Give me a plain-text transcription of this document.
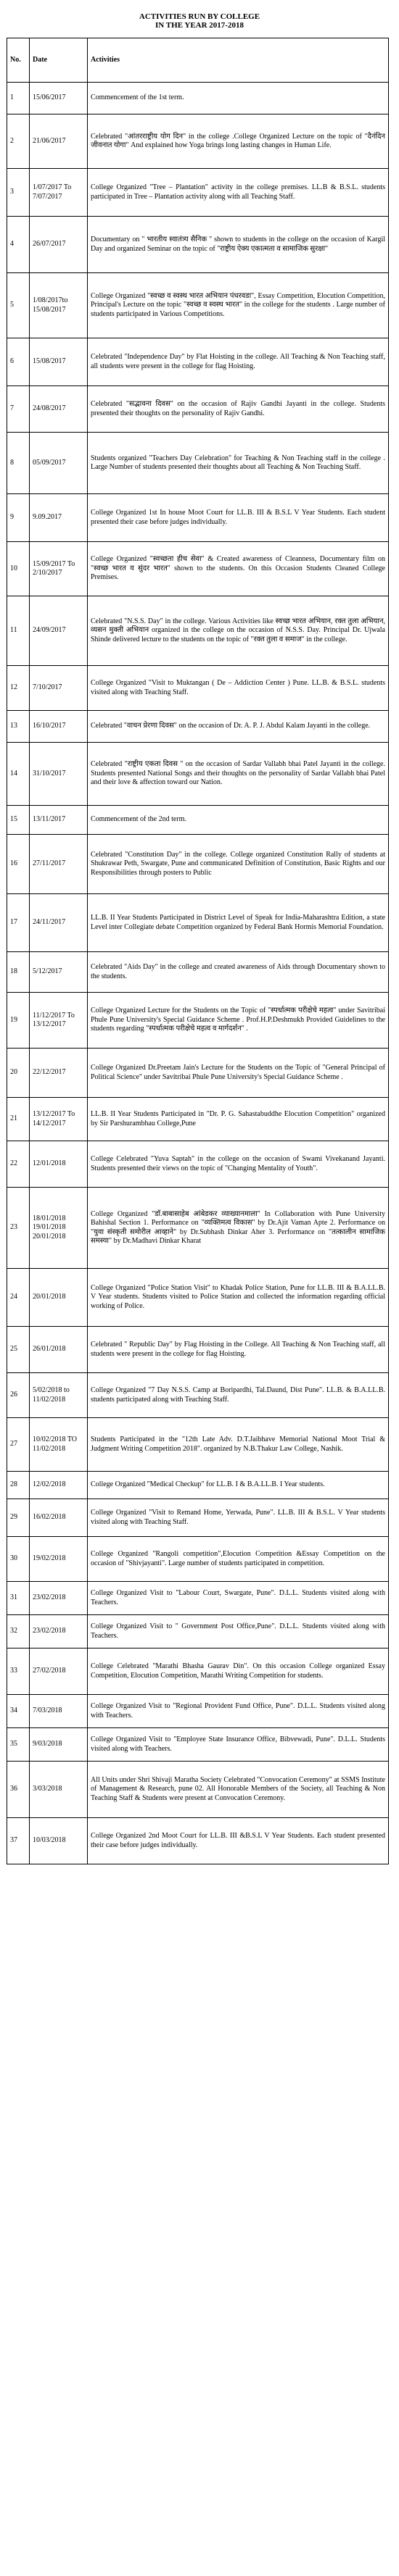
ACTIVITIES RUN BY COLLEGE
IN THE YEAR 2017-2018
No.	Date	Activities
1	15/06/2017	Commencement of the 1st term.
2	21/06/2017	Celebrated "आंतरराष्ट्रीय योग दिन" in the college .College Organized Lecture on the topic of "दैनंदिन जीवनात योगा" And explained how Yoga brings long lasting changes in Human Life.
3	1/07/2017 To 7/07/2017	College Organized "Tree – Plantation" activity in the college premises. LL.B & B.S.L. students participated in Tree – Plantation activity along with all Teaching Staff.
4	26/07/2017	Documentary on " भारतीय स्वातंत्र्य सैनिक " shown to students in the college on the occasion of Kargil Day and organized Seminar on the topic of "राष्ट्रीय ऐक्य एकात्मता व सामाजिक सुरक्षा"
5	1/08/2017to 15/08/2017	College Organized "स्वच्छ व स्वस्थ भारत अभियान पंधरवडा", Essay Competition, Elocution Competition, Principal's Lecture on the topic "स्वच्छ व स्वस्थ भारत" in the college for the students . Large number of students participated in Various Competitions.
6	15/08/2017	Celebrated "Independence Day" by Flat Hoisting in the college. All Teaching & Non Teaching staff, all students were present in the college for flag Hoisting.
7	24/08/2017	Celebrated "सद्भावना दिवस" on the occasion of Rajiv Gandhi Jayanti in the college. Students presented their thoughts on the personality of Rajiv Gandhi.
8	05/09/2017	Students organized "Teachers Day Celebration" for Teaching & Non Teaching staff in the college . Large Number of students presented their thoughts about all Teaching & Non Teaching Staff.
9	9.09.2017	College Organized 1st In house Moot Court for LL.B. III & B.S.L V Year Students. Each student presented their case before judges individually.
10	15/09/2017 To 2/10/2017	College Organized "स्वच्छता हीच सेवा" & Created awareness of Cleanness, Documentary film on "स्वच्छ भारत व सुंदर भारत" shown to the students. On this Occasion Students Cleaned College Premises.
11	24/09/2017	Celebrated "N.S.S. Day" in the college. Various Activities like स्वच्छ भारत अभियान, रक्त तुला अभियान, व्यसन मुक्ती अभियान organized in the college on the occasion of N.S.S. Day. Principal Dr. Ujwala Shinde delivered lecture to the students on the topic of "रक्त तुला व समाज" in the college.
12	7/10/2017	College Organized "Visit to Muktangan ( De – Addiction Center ) Pune. LL.B. & B.S.L. students visited along with Teaching Staff.
13	16/10/2017	Celebrated "वाचन प्रेरणा दिवस" on the occasion of Dr. A. P. J. Abdul Kalam Jayanti in the college.
14	31/10/2017	Celebrated "राष्ट्रीय एकता दिवस " on the occasion of Sardar Vallabh bhai Patel Jayanti in the college. Students presented National Songs and their thoughts on the personality of Sardar Vallabh bhai Patel and their love & affection toward our Nation.
15	13/11/2017	Commencement of the 2nd term.
16	27/11/2017	Celebrated "Constitution Day" in the college. College organized Constitution Rally of students at Shukrawar Peth, Swargate, Pune and communicated Definition of Constitution, Basic Rights and our Responsibilities through posters to Public
17	24/11/2017	LL.B. II Year Students Participated in District Level of Speak for India-Maharashtra Edition, a state Level inter Collegiate debate Competition organized by Federal Bank Hormis Memorial Foundation.
18	5/12/2017	Celebrated "Aids Day" in the college and created awareness of Aids through Documentary shown to the students.
19	11/12/2017 To 13/12/2017	College Organized Lecture for the Students on the Topic of "स्पर्धात्मक परीक्षेचे महत्व" under Savitribai Phule Pune University's Special Guidance Scheme . Prof.H.P.Deshmukh Provided Guidelines to the students regarding "स्पर्धात्मक परीक्षेचे महत्व व मार्गदर्शन" .
20	22/12/2017	College Organized Dr.Preetam Jain's Lecture for the Students on the Topic of "General Principal of Political Science" under Savitribai Phule Pune University's Special Guidance Scheme .
21	13/12/2017 To 14/12/2017	LL.B. II Year Students Participated in "Dr. P. G. Sahastabuddhe Elocution Competition" organized by Sir Parshurambhau College,Pune
22	12/01/2018	College Celebrated "Yuva Saptah" in the college on the occasion of Swami Vivekanand Jayanti. Students presented their views on the topic of "Changing Mentality of Youth".
23	18/01/2018 19/01/2018 20/01/2018	College Organized "डॉ.बाबासाहेब आंबेडकर व्याख्यानमाला" In Collaboration with Pune University Bahishal Section 1. Performance on "व्यक्तिमत्व विकास" by Dr.Ajit Vaman Apte 2. Performance on "युवा संस्कृती समोरील आव्हाने" by Dr.Subhash Dinkar Aher 3. Performance on "तत्कालीन सामाजिक समस्या" by Dr.Madhavi Dinkar Kharat
24	20/01/2018	College Organized "Police Station Visit" to Khadak Police Station, Pune for LL.B. III & B.A.LL.B. V Year students. Students visited to Police Station and collected the information regarding official working of Police.
25	26/01/2018	Celebrated " Republic Day" by Flag Hoisting in the College. All Teaching & Non Teaching staff, all students were present in the college for flag Hoisting.
26	5/02/2018 to 11/02/2018	College Organized "7 Day N.S.S. Camp at Boripardhi, Tal.Daund, Dist Pune". LL.B. & B.A.LL.B. students participated along with Teaching Staff.
27	10/02/2018 TO 11/02/2018	Students Participated in the "12th Late Adv. D.T.Jaibhave Memorial National Moot Trial & Judgment Writing Competition 2018". organized by N.B.Thakur Law College, Nashik.
28	12/02/2018	College Organized "Medical Checkup" for LL.B. I & B.A.LL.B. I Year students.
29	16/02/2018	College Organized "Visit to Remand Home, Yerwada, Pune". LL.B. III & B.S.L. V Year students visited along with Teaching Staff.
30	19/02/2018	College Organized "Rangoli competition",Elocution Competition &Essay Competition on the occasion of "Shivjayanti". Large number of students participated in competition.
31	23/02/2018	College Organized Visit to "Labour Court, Swargate, Pune". D.L.L. Students visited along with Teachers.
32	23/02/2018	College Organized Visit to " Government Post Office,Pune". D.L.L. Students visited along with Teachers.
33	27/02/2018	College Celebrated "Marathi Bhasha Gaurav Din". On this occasion College organized Essay Competition, Elocution Competition, Marathi Writing Competition for students.
34	7/03/2018	College Organized Visit to "Regional Provident Fund Office, Pune". D.L.L. Students visited along with Teachers.
35	9/03/2018	College Organized Visit to "Employee State Insurance Office, Bibvewadi, Pune". D.L.L. Students visited along with Teachers.
36	3/03/2018	All Units under Shri Shivaji Maratha Society Celebrated "Convocation Ceremony" at SSMS Institute of Management & Research, pune 02. All Honorable Members of the Society, all Teaching & Non Teaching Staff & Students were present at Convocation Ceremony.
37	10/03/2018	College Organized 2nd Moot Court for LL.B. III &B.S.L V Year Students. Each student presented their case before judges individually.
